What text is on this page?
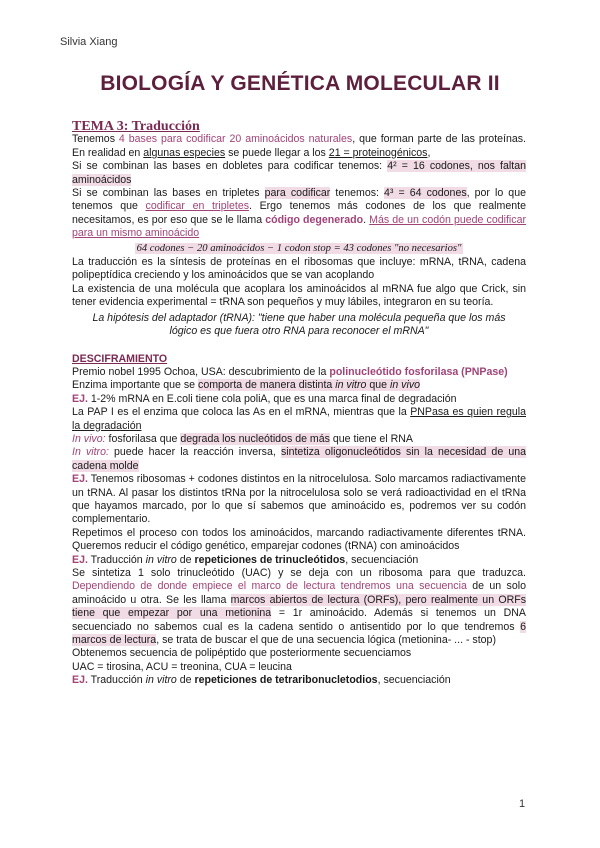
Silvia Xiang
BIOLOGÍA Y GENÉTICA MOLECULAR II

TEMA 3: Traducción

Tenemos 4 bases para codificar 20 aminoácidos naturales, que forman parte de las proteínas. En realidad en algunas especies se puede llegar a los 21 = proteinogénicos,

Si se combinan las bases en dobletes para codificar tenemos: 4² = 16 codones, nos faltan aminoácidos

Si se combinan las bases en tripletes para codificar tenemos: 4³ = 64 codones, por lo que tenemos que codificar en tripletes. Ergo tenemos más codones de los que realmente necesitamos, es por eso que se le llama código degenerado. Más de un codón puede codificar para un mismo aminoácido

64 codones − 20 aminoácidos − 1 codon stop = 43 codones "no necesarios"

La traducción es la síntesis de proteínas en el ribosomas que incluye: mRNA, tRNA, cadena polipeptídica creciendo y los aminoácidos que se van acoplando

La existencia de una molécula que acoplara los aminoácidos al mRNA fue algo que Crick, sin tener evidencia experimental = tRNA son pequeños y muy lábiles, integraron en su teoría.

La hipótesis del adaptador (tRNA): "tiene que haber una molécula pequeña que los más lógico es que fuera otro RNA para reconocer el mRNA"

DESCIFRAMIENTO

Premio nobel 1995 Ochoa, USA: descubrimiento de la polinucleótido fosforilasa (PNPase)

Enzima importante que se comporta de manera distinta in vitro que in vivo

EJ. 1-2% mRNA en E.coli tiene cola poliA, que es una marca final de degradación

La PAP I es el enzima que coloca las As en el mRNA, mientras que la PNPasa es quien regula la degradación

In vivo: fosforilasa que degrada los nucleótidos de más que tiene el RNA

In vitro: puede hacer la reacción inversa, sintetiza oligonucleótidos sin la necesidad de una cadena molde

EJ. Tenemos ribosomas + codones distintos en la nitrocelulosa. Solo marcamos radiactivamente un tRNA. Al pasar los distintos tRNa por la nitrocelulosa solo se verá radioactividad en el tRNa que hayamos marcado, por lo que sí sabemos que aminoácido es, podremos ver su codón complementario.

Repetimos el proceso con todos los aminoácidos, marcando radiactivamente diferentes tRNA. Queremos reducir el código genético, emparejar codones (tRNA) con aminoácidos

EJ. Traducción in vitro de repeticiones de trinucleótidos, secuenciación

Se sintetiza 1 solo trinucleótido (UAC) y se deja con un ribosoma para que traduzca. Dependiendo de donde empiece el marco de lectura tendremos una secuencia de un solo aminoácido u otra. Se les llama marcos abiertos de lectura (ORFs), pero realmente un ORFs tiene que empezar por una metionina = 1r aminoácido. Además si tenemos un DNA secuenciado no sabemos cual es la cadena sentido o antisentido por lo que tendremos 6 marcos de lectura, se trata de buscar el que de una secuencia lógica (metionina- ... - stop)

Obtenemos secuencia de polipéptido que posteriormente secuenciamos

UAC = tirosina, ACU = treonina, CUA = leucina

EJ. Traducción in vitro de repeticiones de tetraribonucletodios, secuenciación

1
